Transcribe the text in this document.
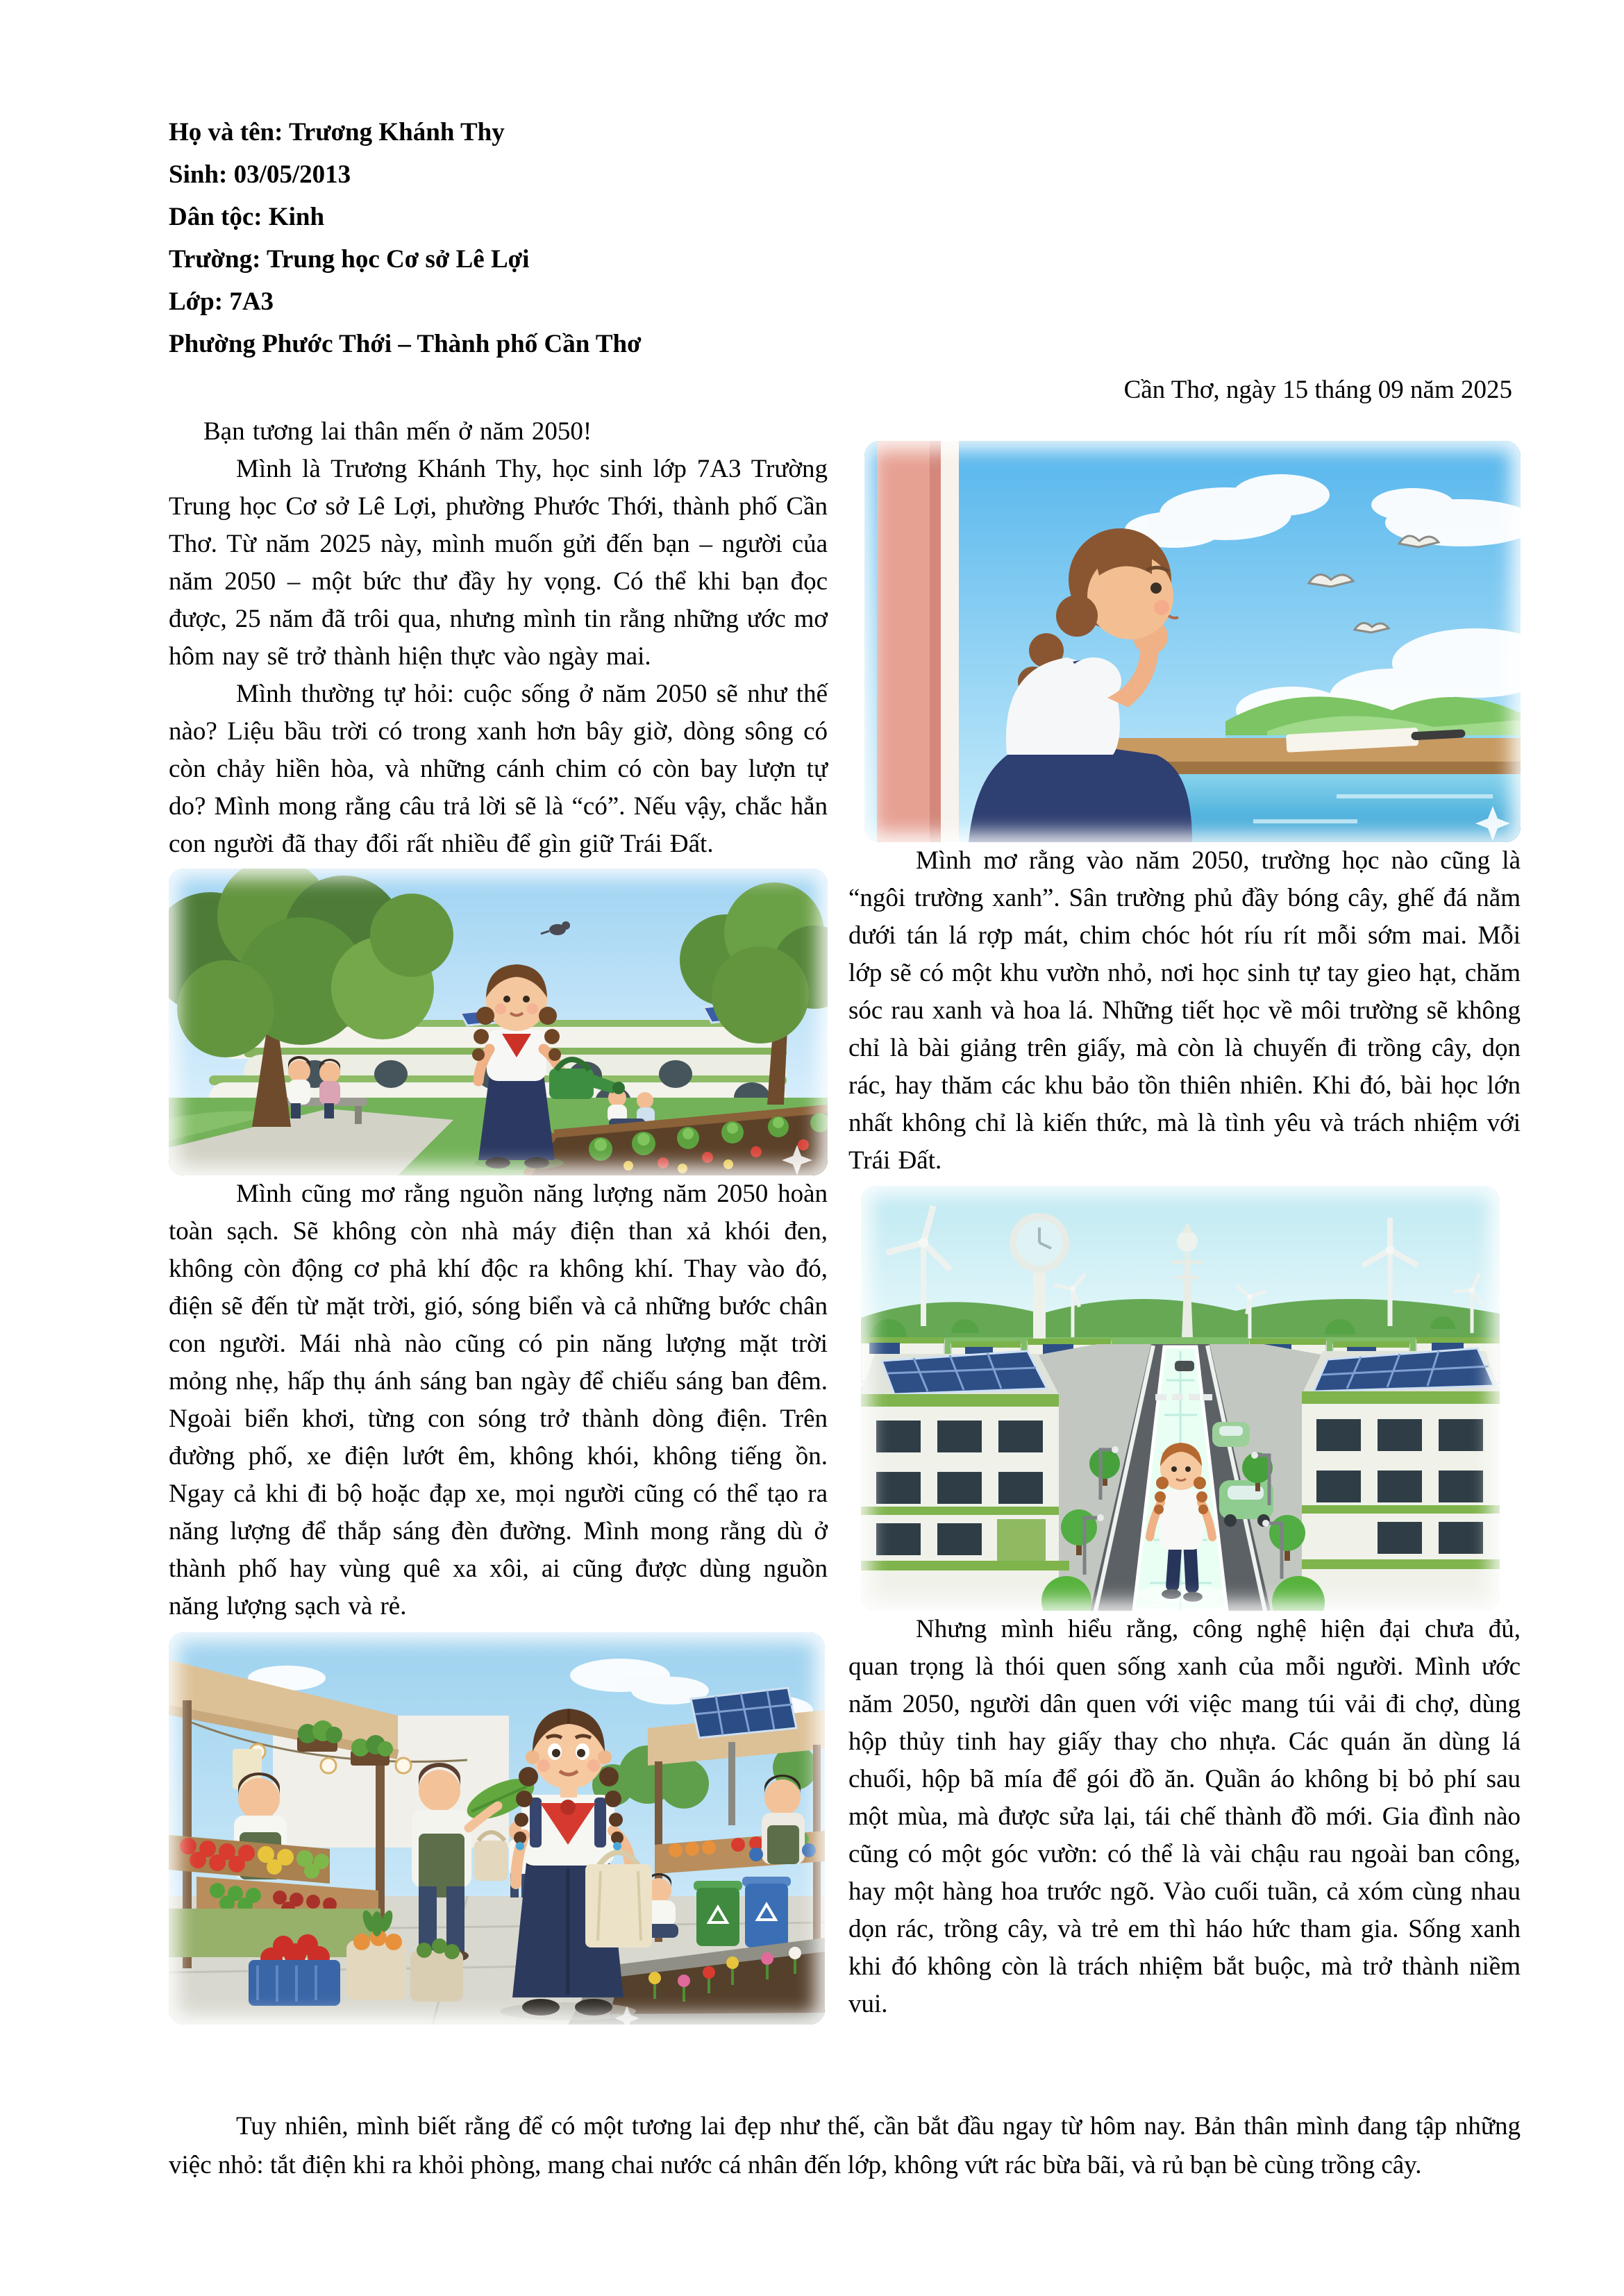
Họ và tên: Trương Khánh Thy
Sinh: 03/05/2013
Dân tộc: Kinh
Trường: Trung học Cơ sở Lê Lợi
Lớp: 7A3
Phường Phước Thới – Thành phố Cần Thơ
Cần Thơ, ngày 15 tháng 09 năm 2025

Bạn tương lai thân mến ở năm 2050!

Mình là Trương Khánh Thy, học sinh lớp 7A3 Trường Trung học Cơ sở Lê Lợi, phường Phước Thới, thành phố Cần Thơ. Từ năm 2025 này, mình muốn gửi đến bạn – người của năm 2050 – một bức thư đầy hy vọng. Có thể khi bạn đọc được, 25 năm đã trôi qua, nhưng mình tin rằng những ước mơ hôm nay sẽ trở thành hiện thực vào ngày mai.

Mình thường tự hỏi: cuộc sống ở năm 2050 sẽ như thế nào? Liệu bầu trời có trong xanh hơn bây giờ, dòng sông có còn chảy hiền hòa, và những cánh chim có còn bay lượn tự do? Mình mong rằng câu trả lời sẽ là “có”. Nếu vậy, chắc hẳn con người đã thay đổi rất nhiều để gìn giữ Trái Đất.

Mình cũng mơ rằng nguồn năng lượng năm 2050 hoàn toàn sạch. Sẽ không còn nhà máy điện than xả khói đen, không còn động cơ phả khí độc ra không khí. Thay vào đó, điện sẽ đến từ mặt trời, gió, sóng biển và cả những bước chân con người. Mái nhà nào cũng có pin năng lượng mặt trời mỏng nhẹ, hấp thụ ánh sáng ban ngày để chiếu sáng ban đêm. Ngoài biển khơi, từng con sóng trở thành dòng điện. Trên đường phố, xe điện lướt êm, không khói, không tiếng ồn. Ngay cả khi đi bộ hoặc đạp xe, mọi người cũng có thể tạo ra năng lượng để thắp sáng đèn đường. Mình mong rằng dù ở thành phố hay vùng quê xa xôi, ai cũng được dùng nguồn năng lượng sạch và rẻ.

Mình mơ rằng vào năm 2050, trường học nào cũng là “ngôi trường xanh”. Sân trường phủ đầy bóng cây, ghế đá nằm dưới tán lá rợp mát, chim chóc hót ríu rít mỗi sớm mai. Mỗi lớp sẽ có một khu vườn nhỏ, nơi học sinh tự tay gieo hạt, chăm sóc rau xanh và hoa lá. Những tiết học về môi trường sẽ không chỉ là bài giảng trên giấy, mà còn là chuyến đi trồng cây, dọn rác, hay thăm các khu bảo tồn thiên nhiên. Khi đó, bài học lớn nhất không chỉ là kiến thức, mà là tình yêu và trách nhiệm với Trái Đất.

Nhưng mình hiểu rằng, công nghệ hiện đại chưa đủ, quan trọng là thói quen sống xanh của mỗi người. Mình ước năm 2050, người dân quen với việc mang túi vải đi chợ, dùng hộp thủy tinh hay giấy thay cho nhựa. Các quán ăn dùng lá chuối, hộp bã mía để gói đồ ăn. Quần áo không bị bỏ phí sau một mùa, mà được sửa lại, tái chế thành đồ mới. Gia đình nào cũng có một góc vườn: có thể là vài chậu rau ngoài ban công, hay một hàng hoa trước ngõ. Vào cuối tuần, cả xóm cùng nhau dọn rác, trồng cây, và trẻ em thì háo hức tham gia. Sống xanh khi đó không còn là trách nhiệm bắt buộc, mà trở thành niềm vui.

Tuy nhiên, mình biết rằng để có một tương lai đẹp như thế, cần bắt đầu ngay từ hôm nay. Bản thân mình đang tập những việc nhỏ: tắt điện khi ra khỏi phòng, mang chai nước cá nhân đến lớp, không vứt rác bừa bãi, và rủ bạn bè cùng trồng cây.
